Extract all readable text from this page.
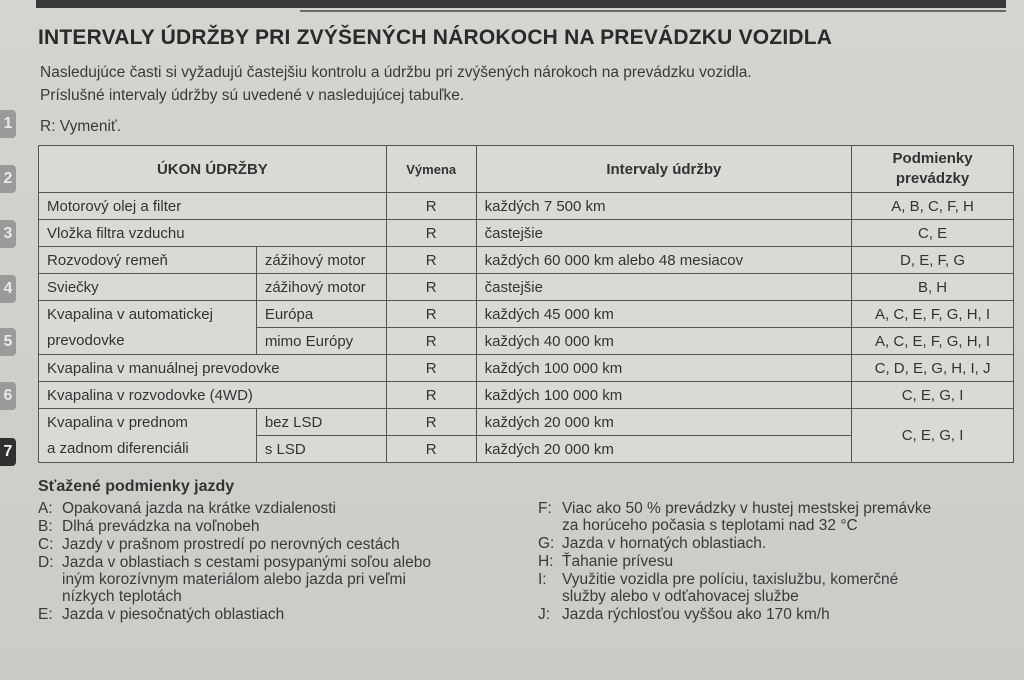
1
2
3
4
5
6
7
INTERVALY ÚDRŽBY PRI ZVÝŠENÝCH NÁROKOCH NA PREVÁDZKU VOZIDLA
Nasledujúce časti si vyžadujú častejšiu kontrolu a údržbu pri zvýšených nárokoch na prevádzku vozidla.
Príslušné intervaly údržby sú uvedené v nasledujúcej tabuľke.
R: Vymeniť.
ÚKON ÚDRŽBY		Výmena	Intervaly údržby	Podmienky prevádzky
Motorový olej a filter		R	každých 7 500 km	A, B, C, F, H
Vložka filtra vzduchu		R	častejšie	C, E
Rozvodový remeň	zážihový motor	R	každých 60 000 km alebo 48 mesiacov	D, E, F, G
Sviečky	zážihový motor	R	častejšie	B, H
Kvapalina v automatickej	Európa	R	každých 45 000 km	A, C, E, F, G, H, I
prevodovke	mimo Európy	R	každých 40 000 km	A, C, E, F, G, H, I
Kvapalina v manuálnej prevodovke		R	každých 100 000 km	C, D, E, G, H, I, J
Kvapalina v rozvodovke (4WD)		R	každých 100 000 km	C, E, G, I
Kvapalina v prednom	bez LSD	R	každých 20 000 km	C, E, G, I
a zadnom diferenciáli	s LSD	R	každých 20 000 km	
Sťažené podmienky jazdy
A: Opakovaná jazda na krátke vzdialenosti
B: Dlhá prevádzka na voľnobeh
C: Jazdy v prašnom prostredí po nerovných cestách
D: Jazda v oblastiach s cestami posypanými soľou alebo
iným korozívnym materiálom alebo jazda pri veľmi
nízkych teplotách
E: Jazda v piesočnatých oblastiach
F: Viac ako 50 % prevádzky v hustej mestskej premávke
za horúceho počasia s teplotami nad 32 °C
G: Jazda v hornatých oblastiach.
H: Ťahanie prívesu
I: Využitie vozidla pre políciu, taxislužbu, komerčné
služby alebo v odťahovacej službe
J: Jazda rýchlosťou vyššou ako 170 km/h
